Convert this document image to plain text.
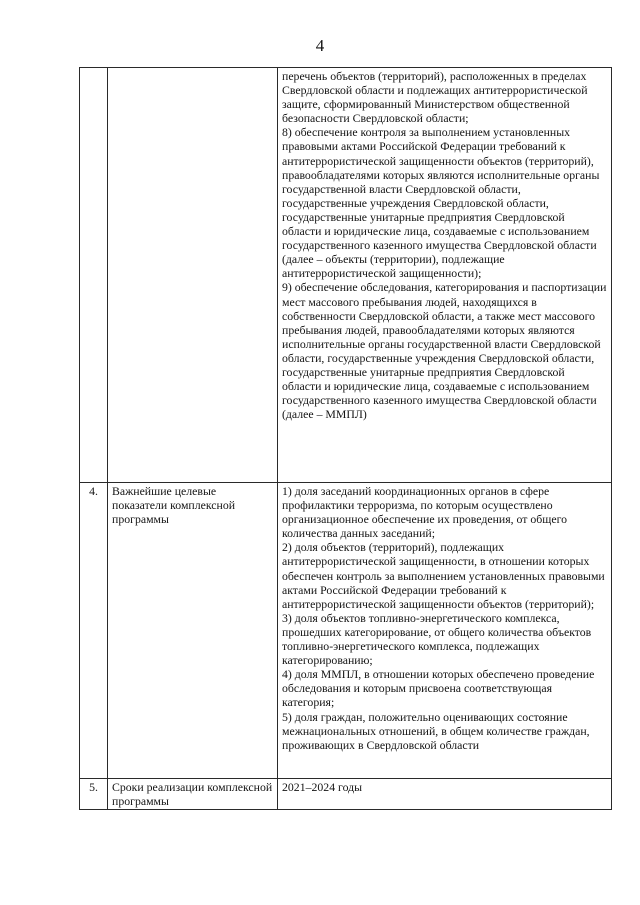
4

		перечень объектов (территорий), расположенных в пределах Свердловской области и подлежащих антитеррористической защите, сформированный Министерством общественной безопасности Свердловской области;
8) обеспечение контроля за выполнением установленных правовыми актами Российской Федерации требований к антитеррористической защищенности объектов (территорий), правообладателями которых являются исполнительные органы государственной власти Свердловской области, государственные учреждения Свердловской области, государственные унитарные предприятия Свердловской области и юридические лица, создаваемые с использованием государственного казенного имущества Свердловской области (далее – объекты (территории), подлежащие антитеррористической защищенности);
9) обеспечение обследования, категорирования и паспортизации мест массового пребывания людей, находящихся в собственности Свердловской области, а также мест массового пребывания людей, правообладателями которых являются исполнительные органы государственной власти Свердловской области, государственные учреждения Свердловской области, государственные унитарные предприятия Свердловской области и юридические лица, создаваемые с использованием государственного казенного имущества Свердловской области (далее – ММПЛ)

4.	Важнейшие целевые показатели комплексной программы	1) доля заседаний координационных органов в сфере профилактики терроризма, по которым осуществлено организационное обеспечение их проведения, от общего количества данных заседаний;
2) доля объектов (территорий), подлежащих антитеррористической защищенности, в отношении которых обеспечен контроль за выполнением установленных правовыми актами Российской Федерации требований к антитеррористической защищенности объектов (территорий);
3) доля объектов топливно-энергетического комплекса, прошедших категорирование, от общего количества объектов топливно-энергетического комплекса, подлежащих категорированию;
4) доля ММПЛ, в отношении которых обеспечено проведение обследования и которым присвоена соответствующая категория;
5) доля граждан, положительно оценивающих состояние межнациональных отношений, в общем количестве граждан, проживающих в Свердловской области

5.	Сроки реализации комплексной программы	2021–2024 годы
